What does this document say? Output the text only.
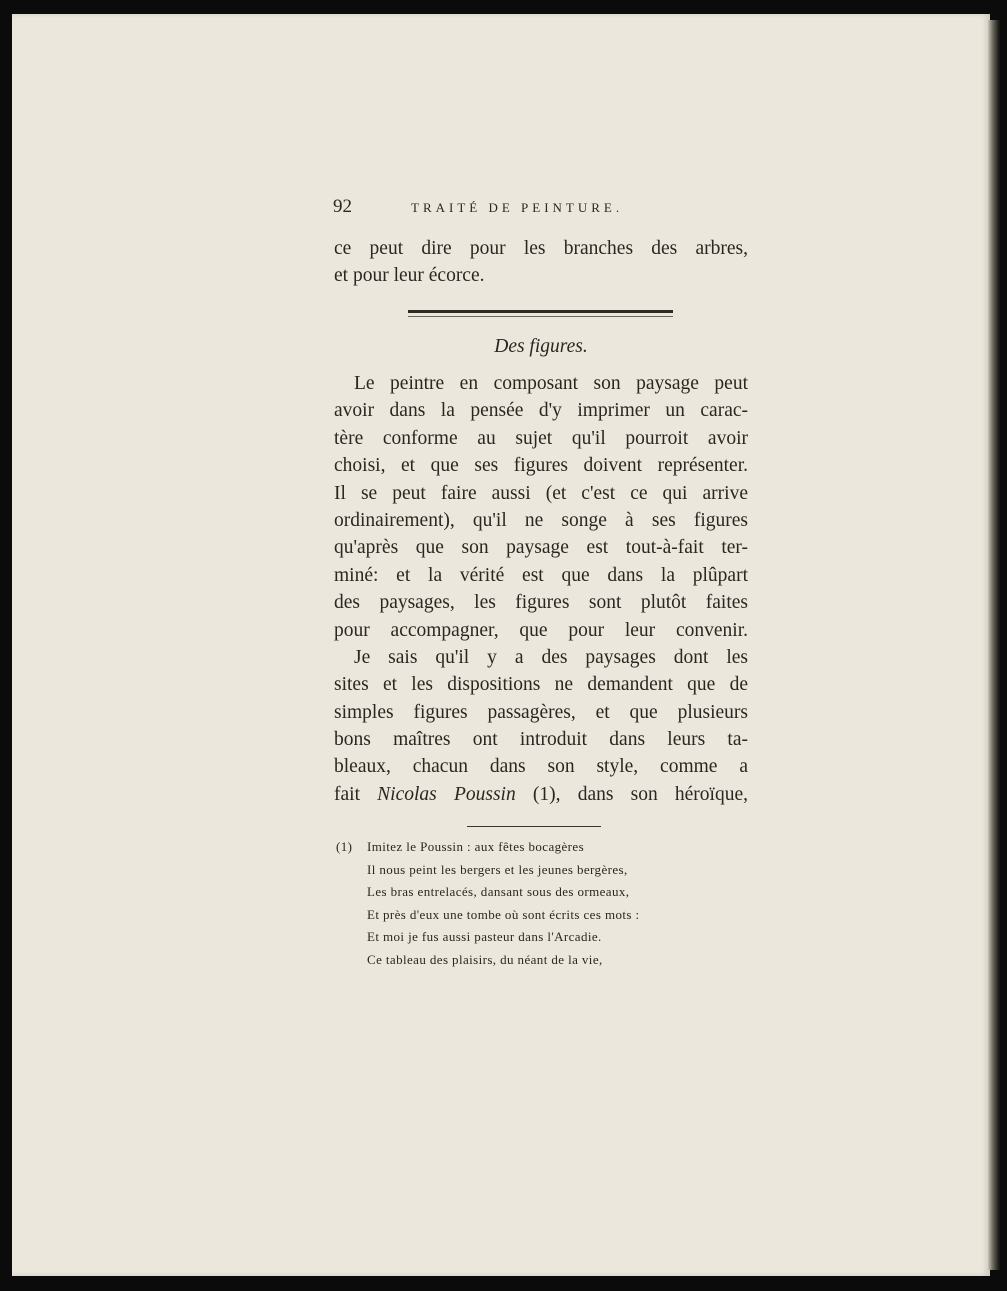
92	TRAITÉ DE PEINTURE.
ce peut dire pour les branches des arbres,
et pour leur écorce.
Des figures.
Le peintre en composant son paysage peut
avoir dans la pensée d'y imprimer un carac-
tère conforme au sujet qu'il pourroit avoir
choisi, et que ses figures doivent représenter.
Il se peut faire aussi (et c'est ce qui arrive
ordinairement), qu'il ne songe à ses figures
qu'après que son paysage est tout-à-fait ter-
miné: et la vérité est que dans la plûpart
des paysages, les figures sont plutôt faites
pour accompagner, que pour leur convenir.
Je sais qu'il y a des paysages dont les
sites et les dispositions ne demandent que de
simples figures passagères, et que plusieurs
bons maîtres ont introduit dans leurs ta-
bleaux, chacun dans son style, comme a
fait Nicolas Poussin (1), dans son héroïque,
(1) Imitez le Poussin : aux fêtes bocagères
Il nous peint les bergers et les jeunes bergères,
Les bras entrelacés, dansant sous des ormeaux,
Et près d'eux une tombe où sont écrits ces mots :
Et moi je fus aussi pasteur dans l'Arcadie.
Ce tableau des plaisirs, du néant de la vie,
